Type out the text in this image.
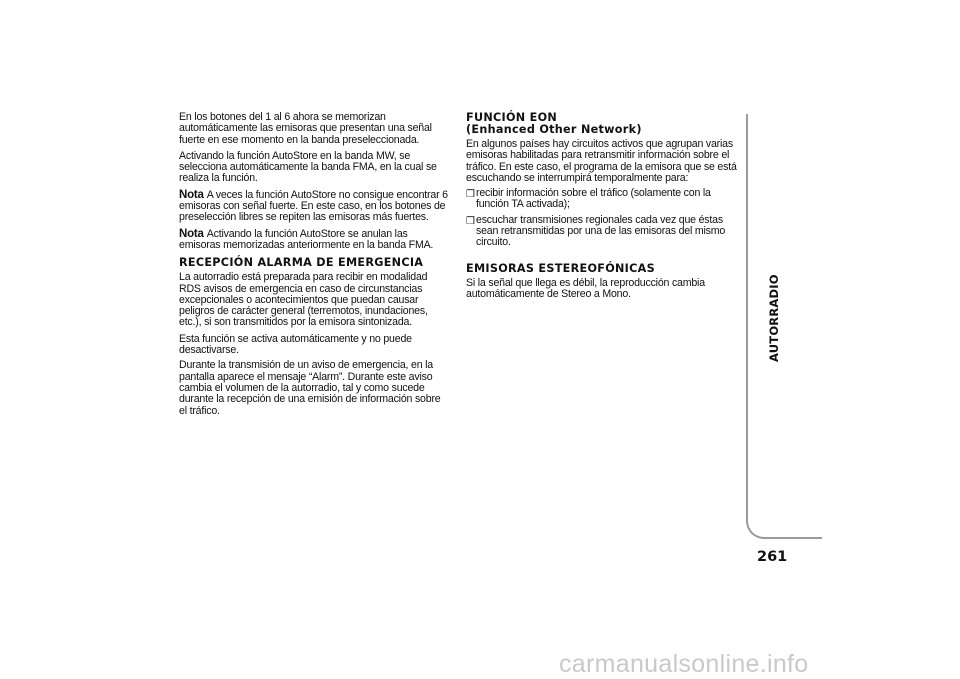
En los botones del 1 al 6 ahora se memorizan automáticamente las emisoras que presentan una señal fuerte en ese momento en la banda preseleccionada.

Activando la función AutoStore en la banda MW, se selecciona automáticamente la banda FMA, en la cual se realiza la función.

Nota A veces la función AutoStore no consigue encontrar 6 emisoras con señal fuerte. En este caso, en los botones de preselección libres se repiten las emisoras más fuertes.

Nota Activando la función AutoStore se anulan las emisoras memorizadas anteriormente en la banda FMA.

RECEPCIÓN ALARMA DE EMERGENCIA

La autorradio está preparada para recibir en modalidad RDS avisos de emergencia en caso de circunstancias excepcionales o acontecimientos que puedan causar peligros de carácter general (terremotos, inundaciones, etc.), si son transmitidos por la emisora sintonizada.

Esta función se activa automáticamente y no puede desactivarse.

Durante la transmisión de un aviso de emergencia, en la pantalla aparece el mensaje “Alarm”. Durante este aviso cambia el volumen de la autorradio, tal y como sucede durante la recepción de una emisión de información sobre el tráfico.

FUNCIÓN EON
(Enhanced Other Network)

En algunos países hay circuitos activos que agrupan varias emisoras habilitadas para retransmitir información sobre el tráfico. En este caso, el programa de la emisora que se está escuchando se interrumpirá temporalmente para:

❒ recibir información sobre el tráfico (solamente con la función TA activada);
❒ escuchar transmisiones regionales cada vez que éstas sean retransmitidas por una de las emisoras del mismo circuito.
EMISORAS ESTEREOFÓNICAS

Si la señal que llega es débil, la reproducción cambia automáticamente de Stereo a Mono.	AUTORRADIO
261
carmanualsonline.info
